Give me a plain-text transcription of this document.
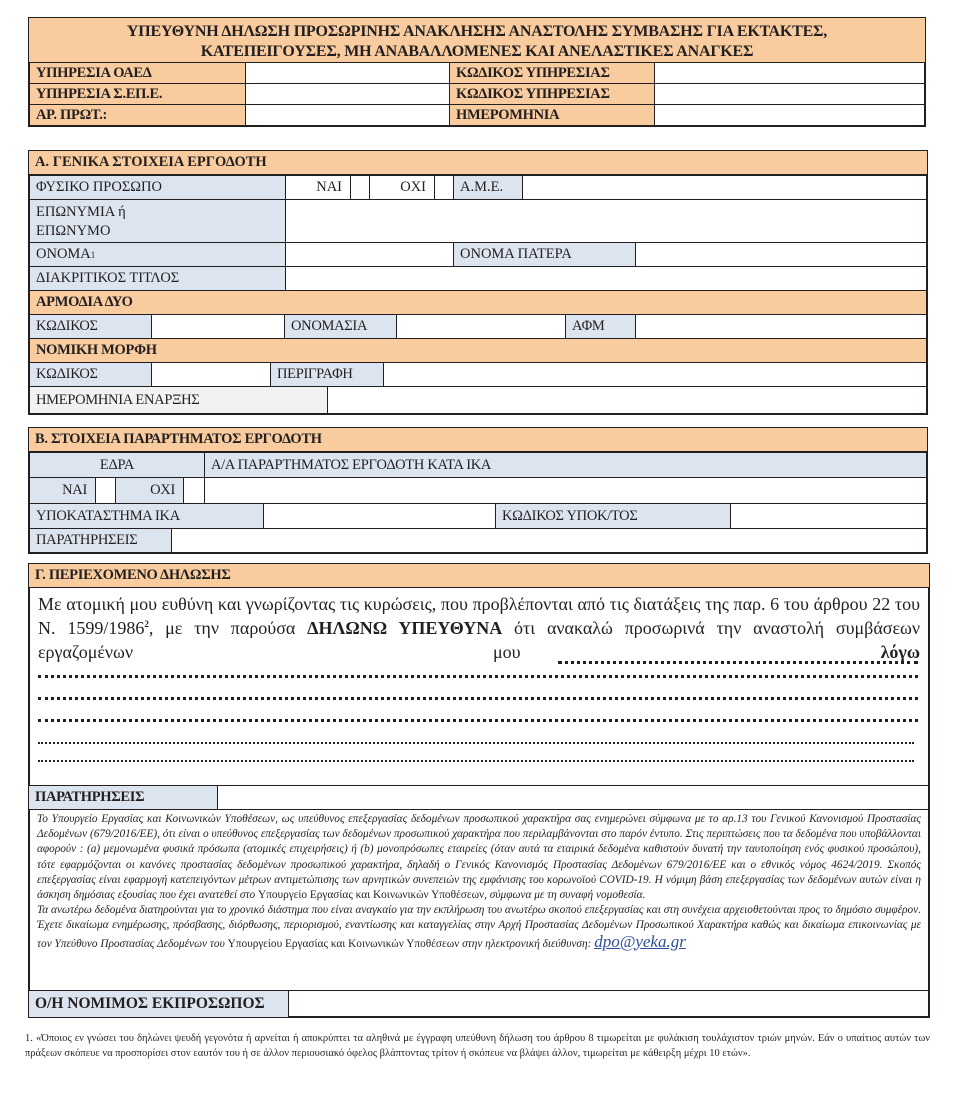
ΥΠΕΥΘΥΝΗ ΔΗΛΩΣΗ ΠΡΟΣΩΡΙΝΗΣ ΑΝΑΚΛΗΣΗΣ ΑΝΑΣΤΟΛΗΣ ΣΥΜΒΑΣΗΣ ΓΙΑ ΕΚΤΑΚΤΕΣ,
ΚΑΤΕΠΕΙΓΟΥΣΕΣ, ΜΗ ΑΝΑΒΑΛΛΟΜΕΝΕΣ ΚΑΙ ΑΝΕΛΑΣΤΙΚΕΣ ΑΝΑΓΚΕΣ
ΥΠΗΡΕΣΙΑ ΟΑΕΔ	ΚΩΔΙΚΟΣ ΥΠΗΡΕΣΙΑΣ
ΥΠΗΡΕΣΙΑ Σ.ΕΠ.Ε.	ΚΩΔΙΚΟΣ ΥΠΗΡΕΣΙΑΣ
ΑΡ. ΠΡΩΤ.:	ΗΜΕΡΟΜΗΝΙΑ
Α. ΓΕΝΙΚΑ ΣΤΟΙΧΕΙΑ ΕΡΓΟΔΟΤΗ
ΦΥΣΙΚΟ ΠΡΟΣΩΠΟ	ΝΑΙ	ΟΧΙ	Α.Μ.Ε.
ΕΠΩΝΥΜΙΑ ή
ΕΠΩΝΥΜΟ
ΟΝΟΜΑ 1	ΟΝΟΜΑ ΠΑΤΕΡΑ
ΔΙΑΚΡΙΤΙΚΟΣ ΤΙΤΛΟΣ
ΑΡΜΟΔΙΑ ΔΥΟ
ΚΩΔΙΚΟΣ	ΟΝΟΜΑΣΙΑ	ΑΦΜ
ΝΟΜΙΚΗ ΜΟΡΦΗ
ΚΩΔΙΚΟΣ	ΠΕΡΙΓΡΑΦΗ
ΗΜΕΡΟΜΗΝΙΑ ΕΝΑΡΞΗΣ
Β. ΣΤΟΙΧΕΙΑ ΠΑΡΑΡΤΗΜΑΤΟΣ ΕΡΓΟΔΟΤΗ
ΕΔΡΑ	Α/Α ΠΑΡΑΡΤΗΜΑΤΟΣ ΕΡΓΟΔΟΤΗ ΚΑΤΑ ΙΚΑ
ΝΑΙ	ΟΧΙ
ΥΠΟΚΑΤΑΣΤΗΜΑ ΙΚΑ	ΚΩΔΙΚΟΣ ΥΠΟΚ/ΤΟΣ
ΠΑΡΑΤΗΡΗΣΕΙΣ
Γ. ΠΕΡΙΕΧΟΜΕΝΟ ΔΗΛΩΣΗΣ
Με ατομική μου ευθύνη και γνωρίζοντας τις κυρώσεις, που προβλέπονται από τις διατάξεις της παρ. 6 του άρθρου 22 του Ν. 1599/1986$^2$, με την παρούσα ΔΗΛΩΝΩ ΥΠΕΥΘΥΝΑ ότι ανακαλώ προσωρινά την αναστολή συμβάσεων εργαζομένων μου λόγω
ΠΑΡΑΤΗΡΗΣΕΙΣ
Το Υπουργείο Εργασίας και Κοινωνικών Υποθέσεων, ως υπεύθυνος επεξεργασίας δεδομένων προσωπικού χαρακτήρα σας ενημερώνει σύμφωνα με το αρ.13 του Γενικού Κανονισμού Προστασίας Δεδομένων (679/2016/ΕΕ), ότι είναι ο υπεύθυνος επεξεργασίας των δεδομένων προσωπικού χαρακτήρα που περιλαμβάνονται στο παρόν έντυπο. Στις περιπτώσεις που τα δεδομένα που υποβάλλονται αφορούν : (a) μεμονωμένα φυσικά πρόσωπα (ατομικές επιχειρήσεις) ή (b) μονοπρόσωπες εταιρείες (όταν αυτά τα εταιρικά δεδομένα καθιστούν δυνατή την ταυτοποίηση ενός φυσικού προσώπου), τότε εφαρμόζονται οι κανόνες προστασίας δεδομένων προσωπικού χαρακτήρα, δηλαδή ο Γενικός Κανονισμός Προστασίας Δεδομένων 679/2016/ΕΕ και ο εθνικός νόμος 4624/2019. Σκοπός επεξεργασίας είναι εφαρμογή κατεπειγόντων μέτρων αντιμετώπισης των αρνητικών συνεπειών της εμφάνισης του κορωνοϊού COVID-19. Η νόμιμη βάση επεξεργασίας των δεδομένων αυτών είναι η άσκηση δημόσιας εξουσίας που έχει ανατεθεί στο Υπουργείο Εργασίας και Κοινωνικών Υποθέσεων, σύμφωνα με τη συναφή νομοθεσία.
Τα ανωτέρω δεδομένα διατηρούνται για το χρονικό διάστημα που είναι αναγκαίο για την εκπλήρωση του ανωτέρω σκοπού επεξεργασίας και στη συνέχεια αρχειοθετούνται προς το δημόσιο συμφέρον. Έχετε δικαίωμα ενημέρωσης, πρόσβασης, διόρθωσης, περιορισμού, εναντίωσης και καταγγελίας στην Αρχή Προστασίας Δεδομένων Προσωπικού Χαρακτήρα καθώς και δικαίωμα επικοινωνίας με τον Υπεύθυνο Προστασίας Δεδομένων του Υπουργείου Εργασίας και Κοινωνικών Υποθέσεων στην ηλεκτρονική διεύθυνση: dpo@yeka.gr
Ο/Η ΝΟΜΙΜΟΣ ΕΚΠΡΟΣΩΠΟΣ
1. «Όποιος εν γνώσει του δηλώνει ψευδή γεγονότα ή αρνείται ή αποκρύπτει τα αληθινά με έγγραφη υπεύθυνη δήλωση του άρθρου 8 τιμωρείται με φυλάκιση τουλάχιστον τριών μηνών. Εάν ο υπαίτιος αυτών των πράξεων σκόπευε να προσπορίσει στον εαυτόν του ή σε άλλον περιουσιακό όφελος βλάπτοντας τρίτον ή σκόπευε να βλάψει άλλον, τιμωρείται με κάθειρξη μέχρι 10 ετών».
